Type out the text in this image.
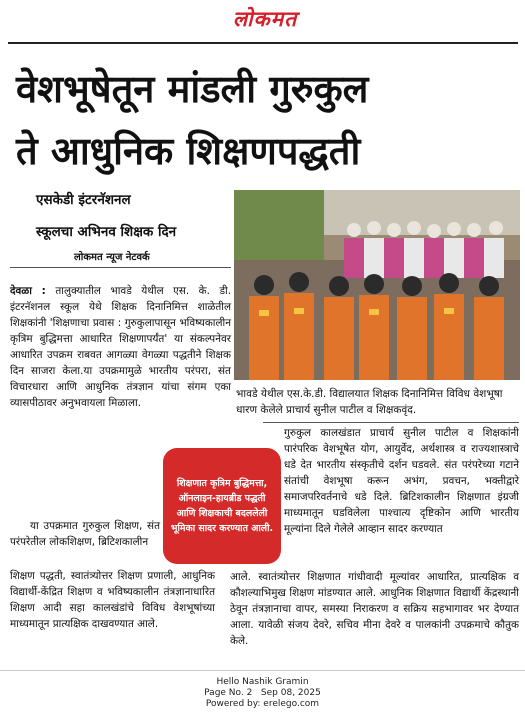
लोकमत
वेशभूषेतून मांडली गुरुकुल
ते आधुनिक शिक्षणपद्धती
एसकेडी इंटरनॅशनल
स्कूलचा अभिनव शिक्षक दिन
लोकमत न्यूज नेटवर्क
भावडे येथील एस.के.डी. विद्यालयात शिक्षक दिनानिमित्त विविध वेशभूषा धारण केलेले प्राचार्य सुनील पाटील व शिक्षकवृंद.
देवळा : तालुक्यातील भावडे येथील एस. के. डी. इंटरनॅशनल स्कूल येथे शिक्षक दिनानिमित्त शाळेतील शिक्षकांनी 'शिक्षणाचा प्रवास : गुरुकुलापासून भविष्यकालीन कृत्रिम बुद्धिमत्ता आधारित शिक्षणापर्यंत' या संकल्पनेवर आधारित उपक्रम राबवत आगळ्या वेगळ्या पद्धतीने शिक्षक दिन साजरा केला.या उपक्रमामुळे भारतीय परंपरा, संत विचारधारा आणि आधुनिक तंत्रज्ञान यांचा संगम एका व्यासपीठावर अनुभवायला मिळाला.
या उपक्रमात गुरुकुल शिक्षण, संत परंपरेतील लोकशिक्षण, ब्रिटिशकालीन
शिक्षण पद्धती, स्वातंत्र्योत्तर शिक्षण प्रणाली, आधुनिक विद्यार्थी-केंद्रित शिक्षण व भविष्यकालीन तंत्रज्ञानाधारित शिक्षण आदी सहा कालखंडांचे विविध वेशभूषांच्या माध्यमातून प्रात्यक्षिक दाखवण्यात आले.
शिक्षणात कृत्रिम बुद्धिमत्ता, ऑनलाइन-हायब्रीड पद्धती आणि शिक्षकाची बदललेली भूमिका सादर करण्यात आली.
गुरुकुल कालखंडात प्राचार्य सुनील पाटील व शिक्षकांनी पारंपरिक वेशभूषेत योग, आयुर्वेद, अर्थशास्त्र व राज्यशास्त्राचे धडे देत भारतीय संस्कृतीचे दर्शन घडवले. संत परंपरेच्या गटाने संतांची वेशभूषा करून अभंग, प्रवचन, भक्तीद्वारे समाजपरिवर्तनाचे धडे दिले. ब्रिटिशकालीन शिक्षणात इंग्रजी माध्यमातून घडविलेला पाश्चात्य दृष्टिकोन आणि भारतीय मूल्यांना दिले गेलेले आव्हान सादर करण्यात
आले. स्वातंत्र्योत्तर शिक्षणात गांधीवादी मूल्यांवर आधारित, प्रात्यक्षिक व कौशल्याभिमुख शिक्षण मांडण्यात आले. आधुनिक शिक्षणात विद्यार्थी केंद्रस्थानी ठेवून तंत्रज्ञानाचा वापर, समस्या निराकरण व सक्रिय सहभागावर भर देण्यात आला. यावेळी संजय देवरे, सचिव मीना देवरे व पालकांनी उपक्रमाचे कौतुक केले.
Hello Nashik Gramin
Page No. 2   Sep 08, 2025
Powered by: erelego.com
